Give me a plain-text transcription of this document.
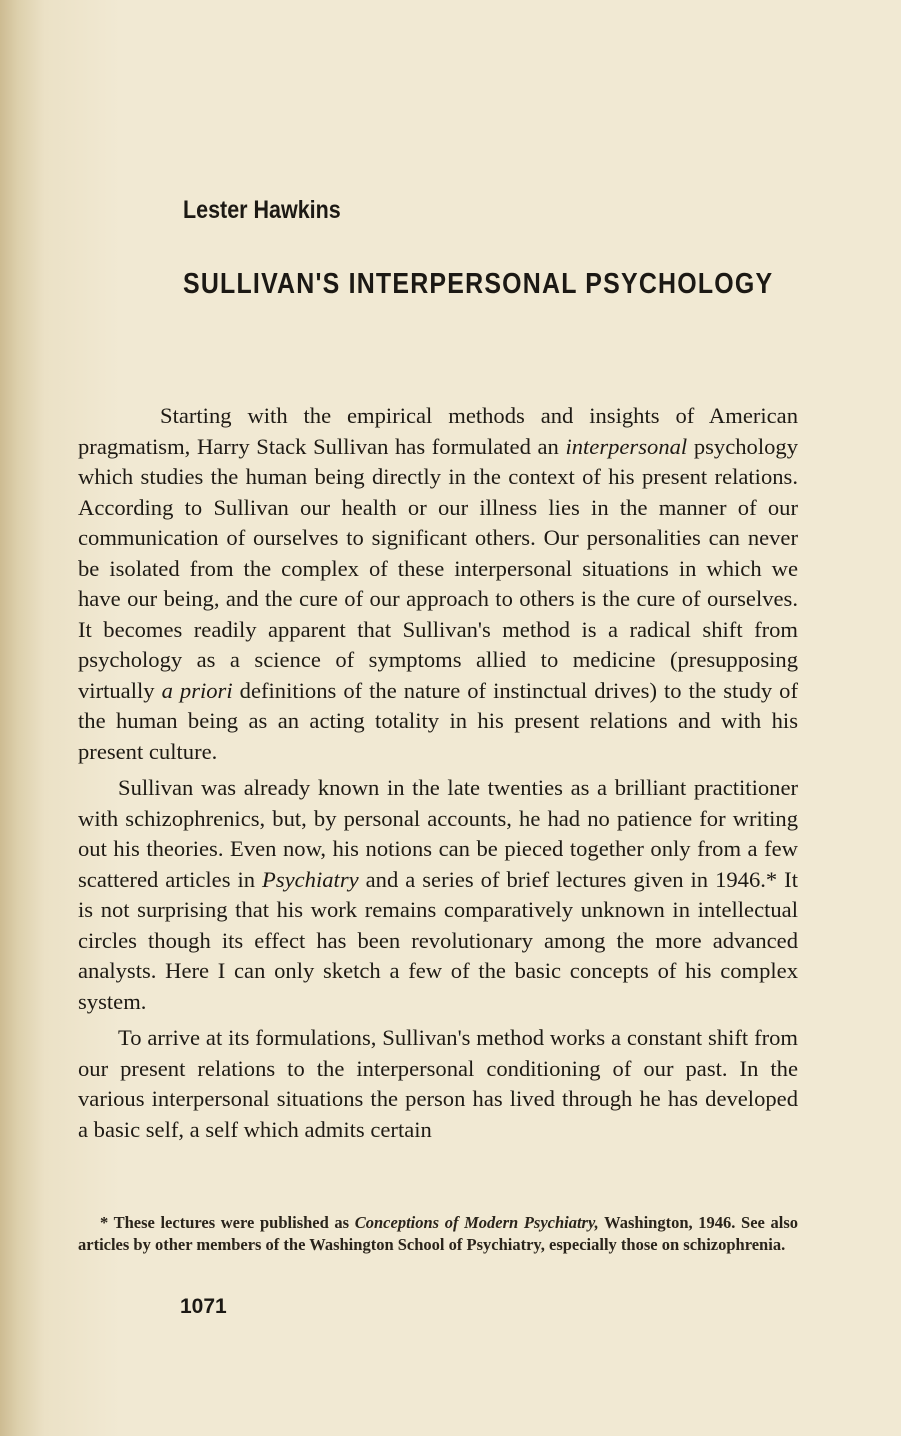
Lester Hawkins
SULLIVAN'S INTERPERSONAL PSYCHOLOGY

Starting with the empirical methods and insights of American pragmatism, Harry Stack Sullivan has formulated an interpersonal psychology which studies the human being directly in the context of his present relations. According to Sullivan our health or our illness lies in the manner of our communication of ourselves to significant others. Our personalities can never be isolated from the complex of these interpersonal situations in which we have our being, and the cure of our approach to others is the cure of ourselves. It becomes readily apparent that Sullivan's method is a radical shift from psychology as a science of symptoms allied to medicine (presupposing virtually a priori definitions of the nature of instinctual drives) to the study of the human being as an acting totality in his present relations and with his present culture.

Sullivan was already known in the late twenties as a brilliant practitioner with schizophrenics, but, by personal accounts, he had no patience for writing out his theories. Even now, his notions can be pieced together only from a few scattered articles in Psychiatry and a series of brief lectures given in 1946.* It is not surprising that his work remains comparatively unknown in intellectual circles though its effect has been revolutionary among the more advanced analysts. Here I can only sketch a few of the basic concepts of his complex system.

To arrive at its formulations, Sullivan's method works a constant shift from our present relations to the interpersonal conditioning of our past. In the various interpersonal situations the person has lived through he has developed a basic self, a self which admits certain

* These lectures were published as Conceptions of Modern Psychiatry, Washington, 1946. See also articles by other members of the Washington School of Psychiatry, especially those on schizophrenia.
1071
